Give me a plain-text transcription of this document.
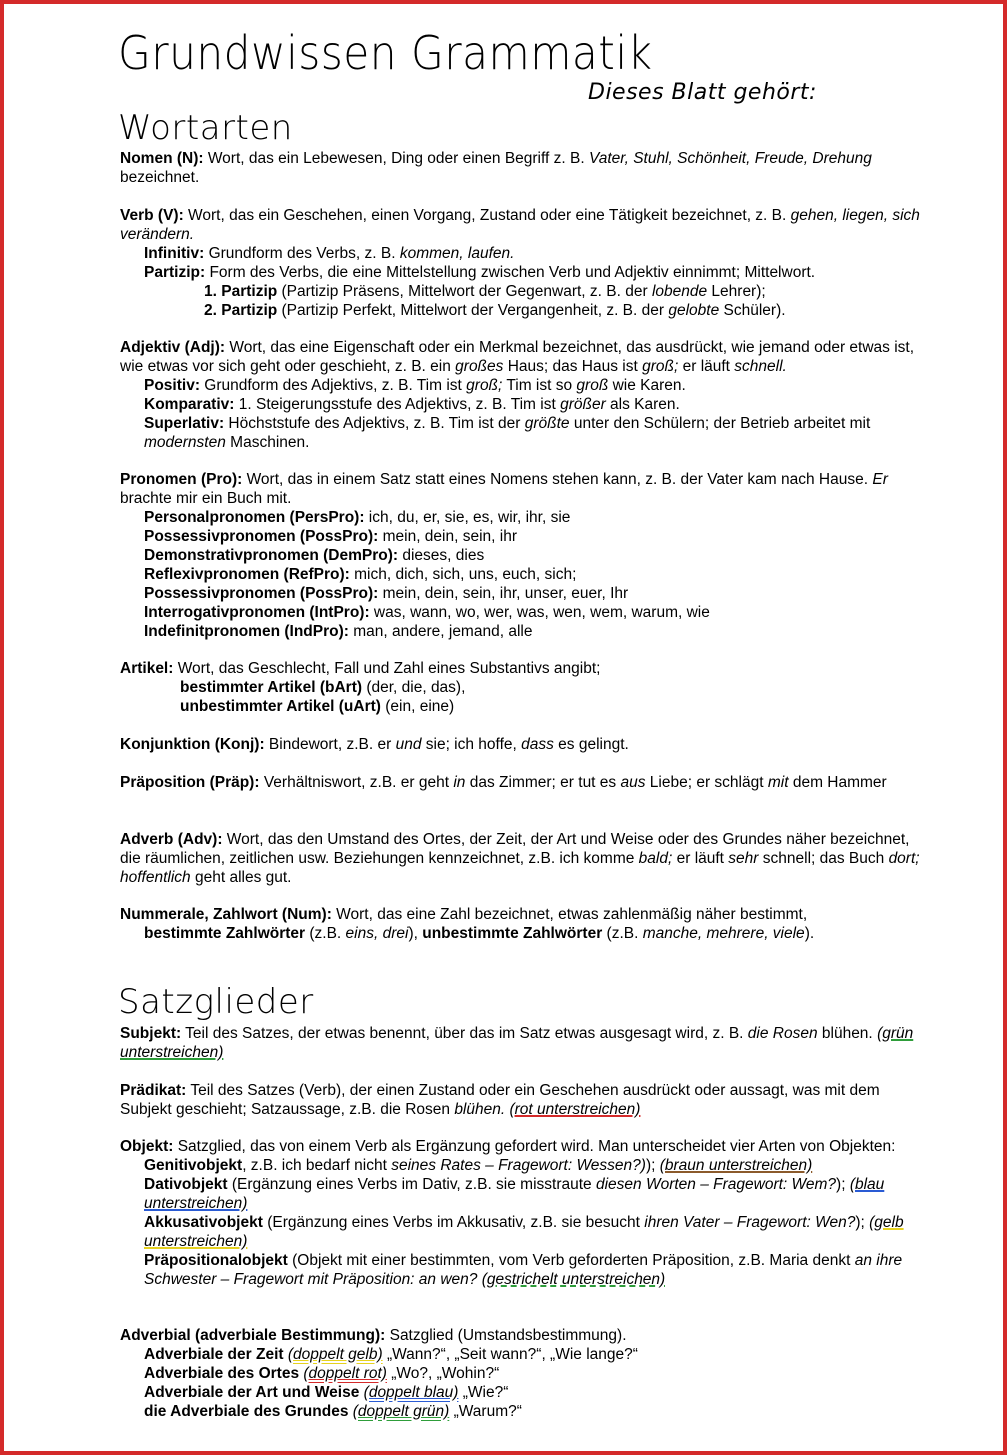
Grundwissen Grammatik
Dieses Blatt gehört:
Wortarten

Nomen (N): Wort, das ein Lebewesen, Ding oder einen Begriff z. B. Vater, Stuhl, Schönheit, Freude, Drehung bezeichnet.

Verb (V): Wort, das ein Geschehen, einen Vorgang, Zustand oder eine Tätigkeit bezeichnet, z. B. gehen, liegen, sich verändern.

Infinitiv: Grundform des Verbs, z. B. kommen, laufen.

Partizip: Form des Verbs, die eine Mittelstellung zwischen Verb und Adjektiv einnimmt; Mittelwort.

1. Partizip (Partizip Präsens, Mittelwort der Gegenwart, z. B. der lobende Lehrer);

2. Partizip (Partizip Perfekt, Mittelwort der Vergangenheit, z. B. der gelobte Schüler).

Adjektiv (Adj): Wort, das eine Eigenschaft oder ein Merkmal bezeichnet, das ausdrückt, wie jemand oder etwas ist, wie etwas vor sich geht oder geschieht, z. B. ein großes Haus; das Haus ist groß; er läuft schnell.

Positiv: Grundform des Adjektivs, z. B. Tim ist groß; Tim ist so groß wie Karen.

Komparativ: 1. Steigerungsstufe des Adjektivs, z. B. Tim ist größer als Karen.

Superlativ: Höchststufe des Adjektivs, z. B. Tim ist der größte unter den Schülern; der Betrieb arbeitet mit modernsten Maschinen.

Pronomen (Pro): Wort, das in einem Satz statt eines Nomens stehen kann, z. B. der Vater kam nach Hause. Er brachte mir ein Buch mit.

Personalpronomen (PersPro): ich, du, er, sie, es, wir, ihr, sie

Possessivpronomen (PossPro): mein, dein, sein, ihr

Demonstrativpronomen (DemPro): dieses, dies

Reflexivpronomen (RefPro): mich, dich, sich, uns, euch, sich;

Possessivpronomen (PossPro): mein, dein, sein, ihr, unser, euer, Ihr

Interrogativpronomen (IntPro): was, wann, wo, wer, was, wen, wem, warum, wie

Indefinitpronomen (IndPro): man, andere, jemand, alle

Artikel: Wort, das Geschlecht, Fall und Zahl eines Substantivs angibt;

bestimmter Artikel (bArt) (der, die, das),

unbestimmter Artikel (uArt) (ein, eine)

Konjunktion (Konj): Bindewort, z.B. er und sie; ich hoffe, dass es gelingt.

Präposition (Präp): Verhältniswort, z.B. er geht in das Zimmer; er tut es aus Liebe; er schlägt mit dem Hammer

Adverb (Adv): Wort, das den Umstand des Ortes, der Zeit, der Art und Weise oder des Grundes näher bezeichnet, die räumlichen, zeitlichen usw. Beziehungen kennzeichnet, z.B. ich komme bald; er läuft sehr schnell; das Buch dort; hoffentlich geht alles gut.

Nummerale, Zahlwort (Num): Wort, das eine Zahl bezeichnet, etwas zahlenmäßig näher bestimmt,

bestimmte Zahlwörter (z.B. eins, drei), unbestimmte Zahlwörter (z.B. manche, mehrere, viele).

Satzglieder

Subjekt: Teil des Satzes, der etwas benennt, über das im Satz etwas ausgesagt wird, z. B. die Rosen blühen. (grün unterstreichen)

Prädikat: Teil des Satzes (Verb), der einen Zustand oder ein Geschehen ausdrückt oder aussagt, was mit dem Subjekt geschieht; Satzaussage, z.B. die Rosen blühen. (rot unterstreichen)

Objekt: Satzglied, das von einem Verb als Ergänzung gefordert wird. Man unterscheidet vier Arten von Objekten:

Genitivobjekt, z.B. ich bedarf nicht seines Rates – Fragewort: Wessen?)); (braun unterstreichen)

Dativobjekt (Ergänzung eines Verbs im Dativ, z.B. sie misstraute diesen Worten – Fragewort: Wem?); (blau unterstreichen)

Akkusativobjekt (Ergänzung eines Verbs im Akkusativ, z.B. sie besucht ihren Vater – Fragewort: Wen?); (gelb unterstreichen)

Präpositionalobjekt (Objekt mit einer bestimmten, vom Verb geforderten Präposition, z.B. Maria denkt an ihre Schwester – Fragewort mit Präposition: an wen? (gestrichelt unterstreichen)

Adverbial (adverbiale Bestimmung): Satzglied (Umstandsbestimmung).

Adverbiale der Zeit (doppelt gelb) „Wann?“, „Seit wann?“, „Wie lange?“

Adverbiale des Ortes (doppelt rot) „Wo?, „Wohin?“

Adverbiale der Art und Weise (doppelt blau) „Wie?“

die Adverbiale des Grundes (doppelt grün) „Warum?“
